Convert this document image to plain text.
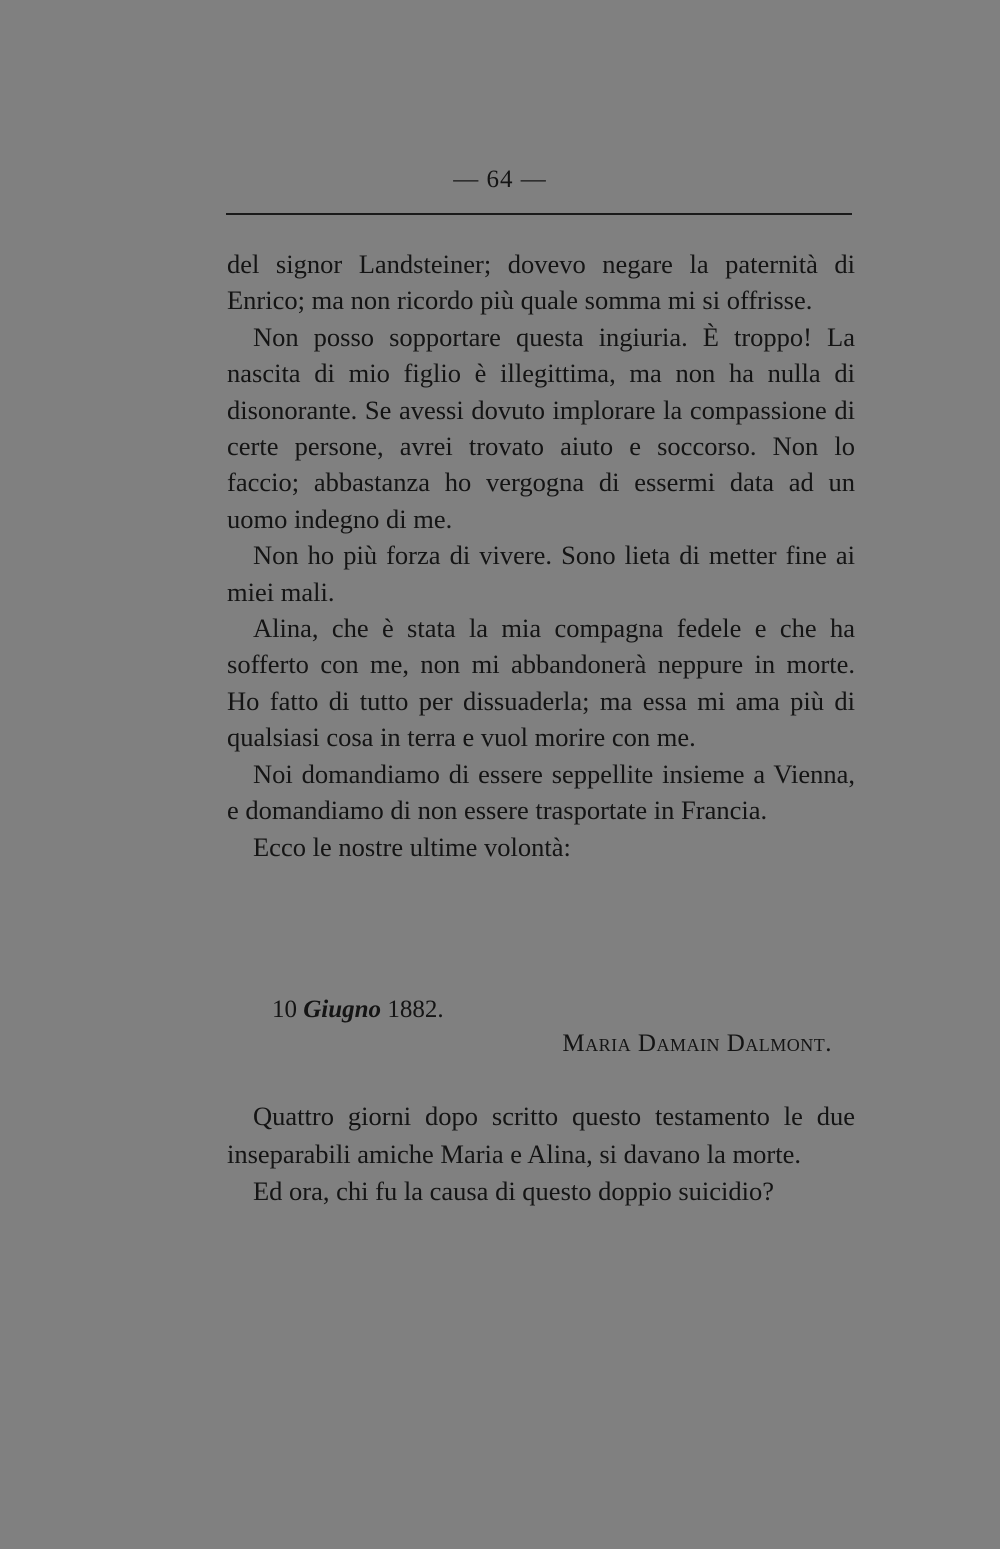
— 64 —

del signor Landsteiner; dovevo negare la paternità di Enrico; ma non ricordo più quale somma mi si offrisse.

Non posso sopportare questa ingiuria. È troppo! La nascita di mio figlio è illegittima, ma non ha nulla di disonorante. Se avessi dovuto implorare la compassione di certe persone, avrei trovato aiuto e soccorso. Non lo faccio; abbastanza ho vergogna di essermi data ad un uomo indegno di me.

Non ho più forza di vivere. Sono lieta di metter fine ai miei mali.

Alina, che è stata la mia compagna fedele e che ha sofferto con me, non mi abbandonerà neppure in morte. Ho fatto di tutto per dissuaderla; ma essa mi ama più di qualsiasi cosa in terra e vuol morire con me.

Noi domandiamo di essere seppellite insieme a Vienna, e domandiamo di non essere trasportate in Francia.

Ecco le nostre ultime volontà:

10 Giugno 1882.
Maria Damain Dalmont.

Quattro giorni dopo scritto questo testamento le due inseparabili amiche Maria e Alina, si davano la morte.

Ed ora, chi fu la causa di questo doppio suicidio?
